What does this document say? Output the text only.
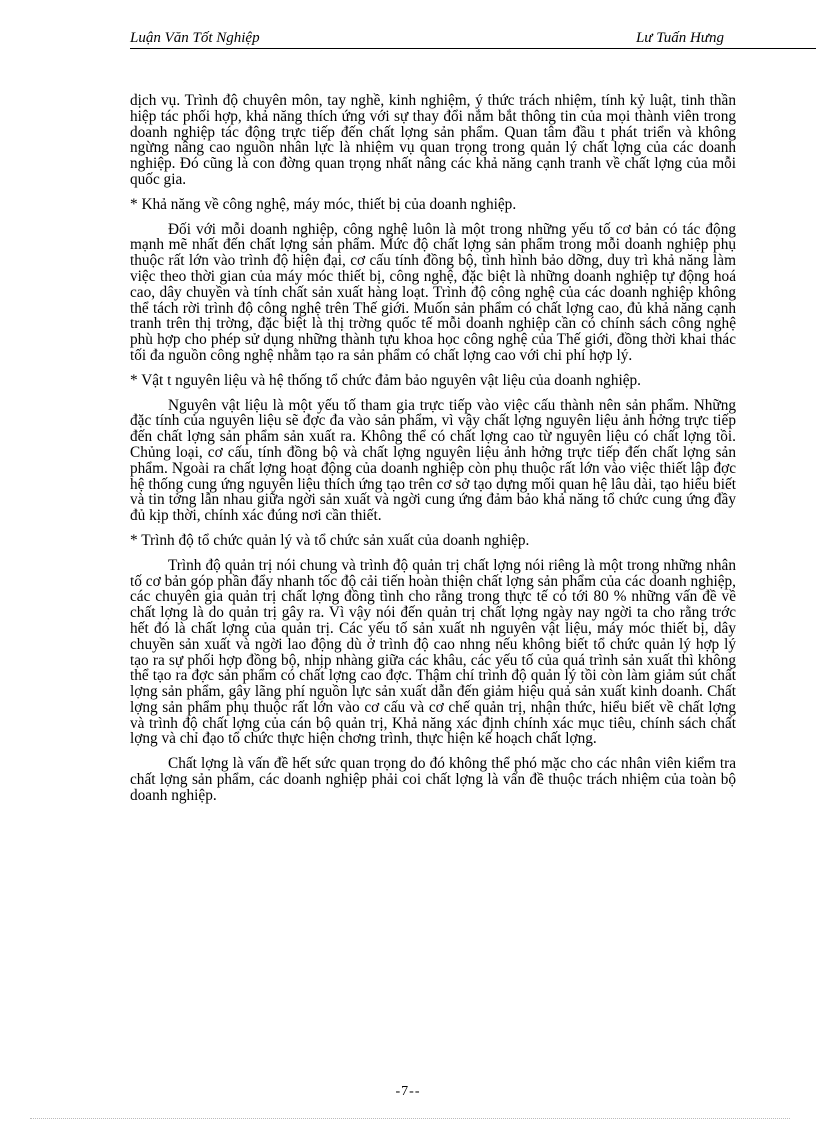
Luận Văn Tốt Nghiệp	Lư Tuấn Hưng

dịch vụ. Trình độ chuyên môn, tay nghề, kinh nghiệm, ý thức trách nhiệm, tính kỷ luật, tinh thần hiệp tác phối hợp, khả năng thích ứng với sự thay đổi nắm bắt thông tin của mọi thành viên trong doanh nghiệp tác động trực tiếp đến chất lợng sản phẩm. Quan tâm đầu t phát triển và không ngừng nâng cao nguồn nhân lực là nhiệm vụ quan trọng trong quản lý chất lợng của các doanh nghiệp. Đó cũng là con đờng quan trọng nhất nâng các khả năng cạnh tranh về chất lợng của mỗi quốc gia.

* Khả năng về công nghệ, máy móc, thiết bị của doanh nghiệp.

Đối với mỗi doanh nghiệp, công nghệ luôn là một trong những yếu tố cơ bản có tác động mạnh mẽ nhất đến chất lợng sản phẩm. Mức độ chất lợng sản phẩm trong mỗi doanh nghiệp phụ thuộc rất lớn vào trình độ hiện đại, cơ cấu tính đồng bộ, tình hình bảo dỡng, duy trì khả năng làm việc theo thời gian của máy móc thiết bị, công nghệ, đặc biệt là những doanh nghiệp tự động hoá cao, dây chuyền và tính chất sản xuất hàng loạt. Trình độ công nghệ của các doanh nghiệp không thể tách rời trình độ công nghệ trên Thế giới. Muốn sản phẩm có chất lợng cao, đủ khả năng cạnh tranh trên thị trờng, đặc biệt là thị trờng quốc tế mỗi doanh nghiệp cần có chính sách công nghệ phù hợp cho phép sử dụng những thành tựu khoa học công nghệ của Thế giới, đồng thời khai thác tối đa nguồn công nghệ nhằm tạo ra sản phẩm có chất lợng cao với chi phí hợp lý.

* Vật t nguyên liệu và hệ thống tổ chức đảm bảo nguyên vật liệu của doanh nghiệp.

Nguyên vật liệu là một yếu tố tham gia trực tiếp vào việc cấu thành nên sản phẩm. Những đặc tính của nguyên liệu sẽ đợc đa vào sản phẩm, vì vậy chất lợng nguyên liệu ảnh hởng trực tiếp đến chất lợng sản phẩm sản xuất ra. Không thể có chất lợng cao từ nguyên liệu có chất lợng tồi. Chủng loại, cơ cấu, tính đồng bộ và chất lợng nguyên liệu ảnh hởng trực tiếp đến chất lợng sản phẩm. Ngoài ra chất lợng hoạt động của doanh nghiệp còn phụ thuộc rất lớn vào việc thiết lập đợc hệ thống cung ứng nguyên liệu thích ứng tạo trên cơ sở tạo dựng mối quan hệ lâu dài, tạo hiểu biết và tin tởng lẫn nhau giữa ngời sản xuất và ngời cung ứng đảm bảo khả năng tổ chức cung ứng đầy đủ kịp thời, chính xác đúng nơi cần thiết.

* Trình độ tổ chức quản lý và tổ chức sản xuất của doanh nghiệp.

Trình độ quản trị nói chung và trình độ quản trị chất lợng nói riêng là một trong những nhân tố cơ bản góp phần đẩy nhanh tốc độ cải tiến hoàn thiện chất lợng sản phẩm của các doanh nghiệp, các chuyên gia quản trị chất lợng đồng tình cho rằng trong thực tế có tới 80 % những vấn đề về chất lợng là do quản trị gây ra. Vì vậy nói đến quản trị chất lợng ngày nay ngời ta cho rằng trớc hết đó là chất lợng của quản trị. Các yếu tố sản xuất nh nguyên vật liệu, máy móc thiết bị, dây chuyền sản xuất và ngời lao động dù ở trình độ cao nhng nếu không biết tổ chức quản lý hợp lý tạo ra sự phối hợp đồng bộ, nhịp nhàng giữa các khâu, các yếu tố của quá trình sản xuất thì không thể tạo ra đợc sản phẩm có chất lợng cao đợc. Thậm chí trình độ quản lý tồi còn làm giảm sút chất lợng sản phẩm, gây lãng phí nguồn lực sản xuất dẫn đến giảm hiệu quả sản xuất kinh doanh. Chất lợng sản phẩm phụ thuộc rất lớn vào cơ cấu và cơ chế quản trị, nhận thức, hiểu biết về chất lợng và trình độ chất lợng của cán bộ quản trị, Khả năng xác định chính xác mục tiêu, chính sách chất lợng và chỉ đạo tổ chức thực hiện chơng trình, thực hiện kế hoạch chất lợng.

Chất lợng là vấn đề hết sức quan trọng do đó không thể phó mặc cho các nhân viên kiểm tra chất lợng sản phẩm, các doanh nghiệp phải coi chất lợng là vấn đề thuộc trách nhiệm của toàn bộ doanh nghiệp.

-7--
